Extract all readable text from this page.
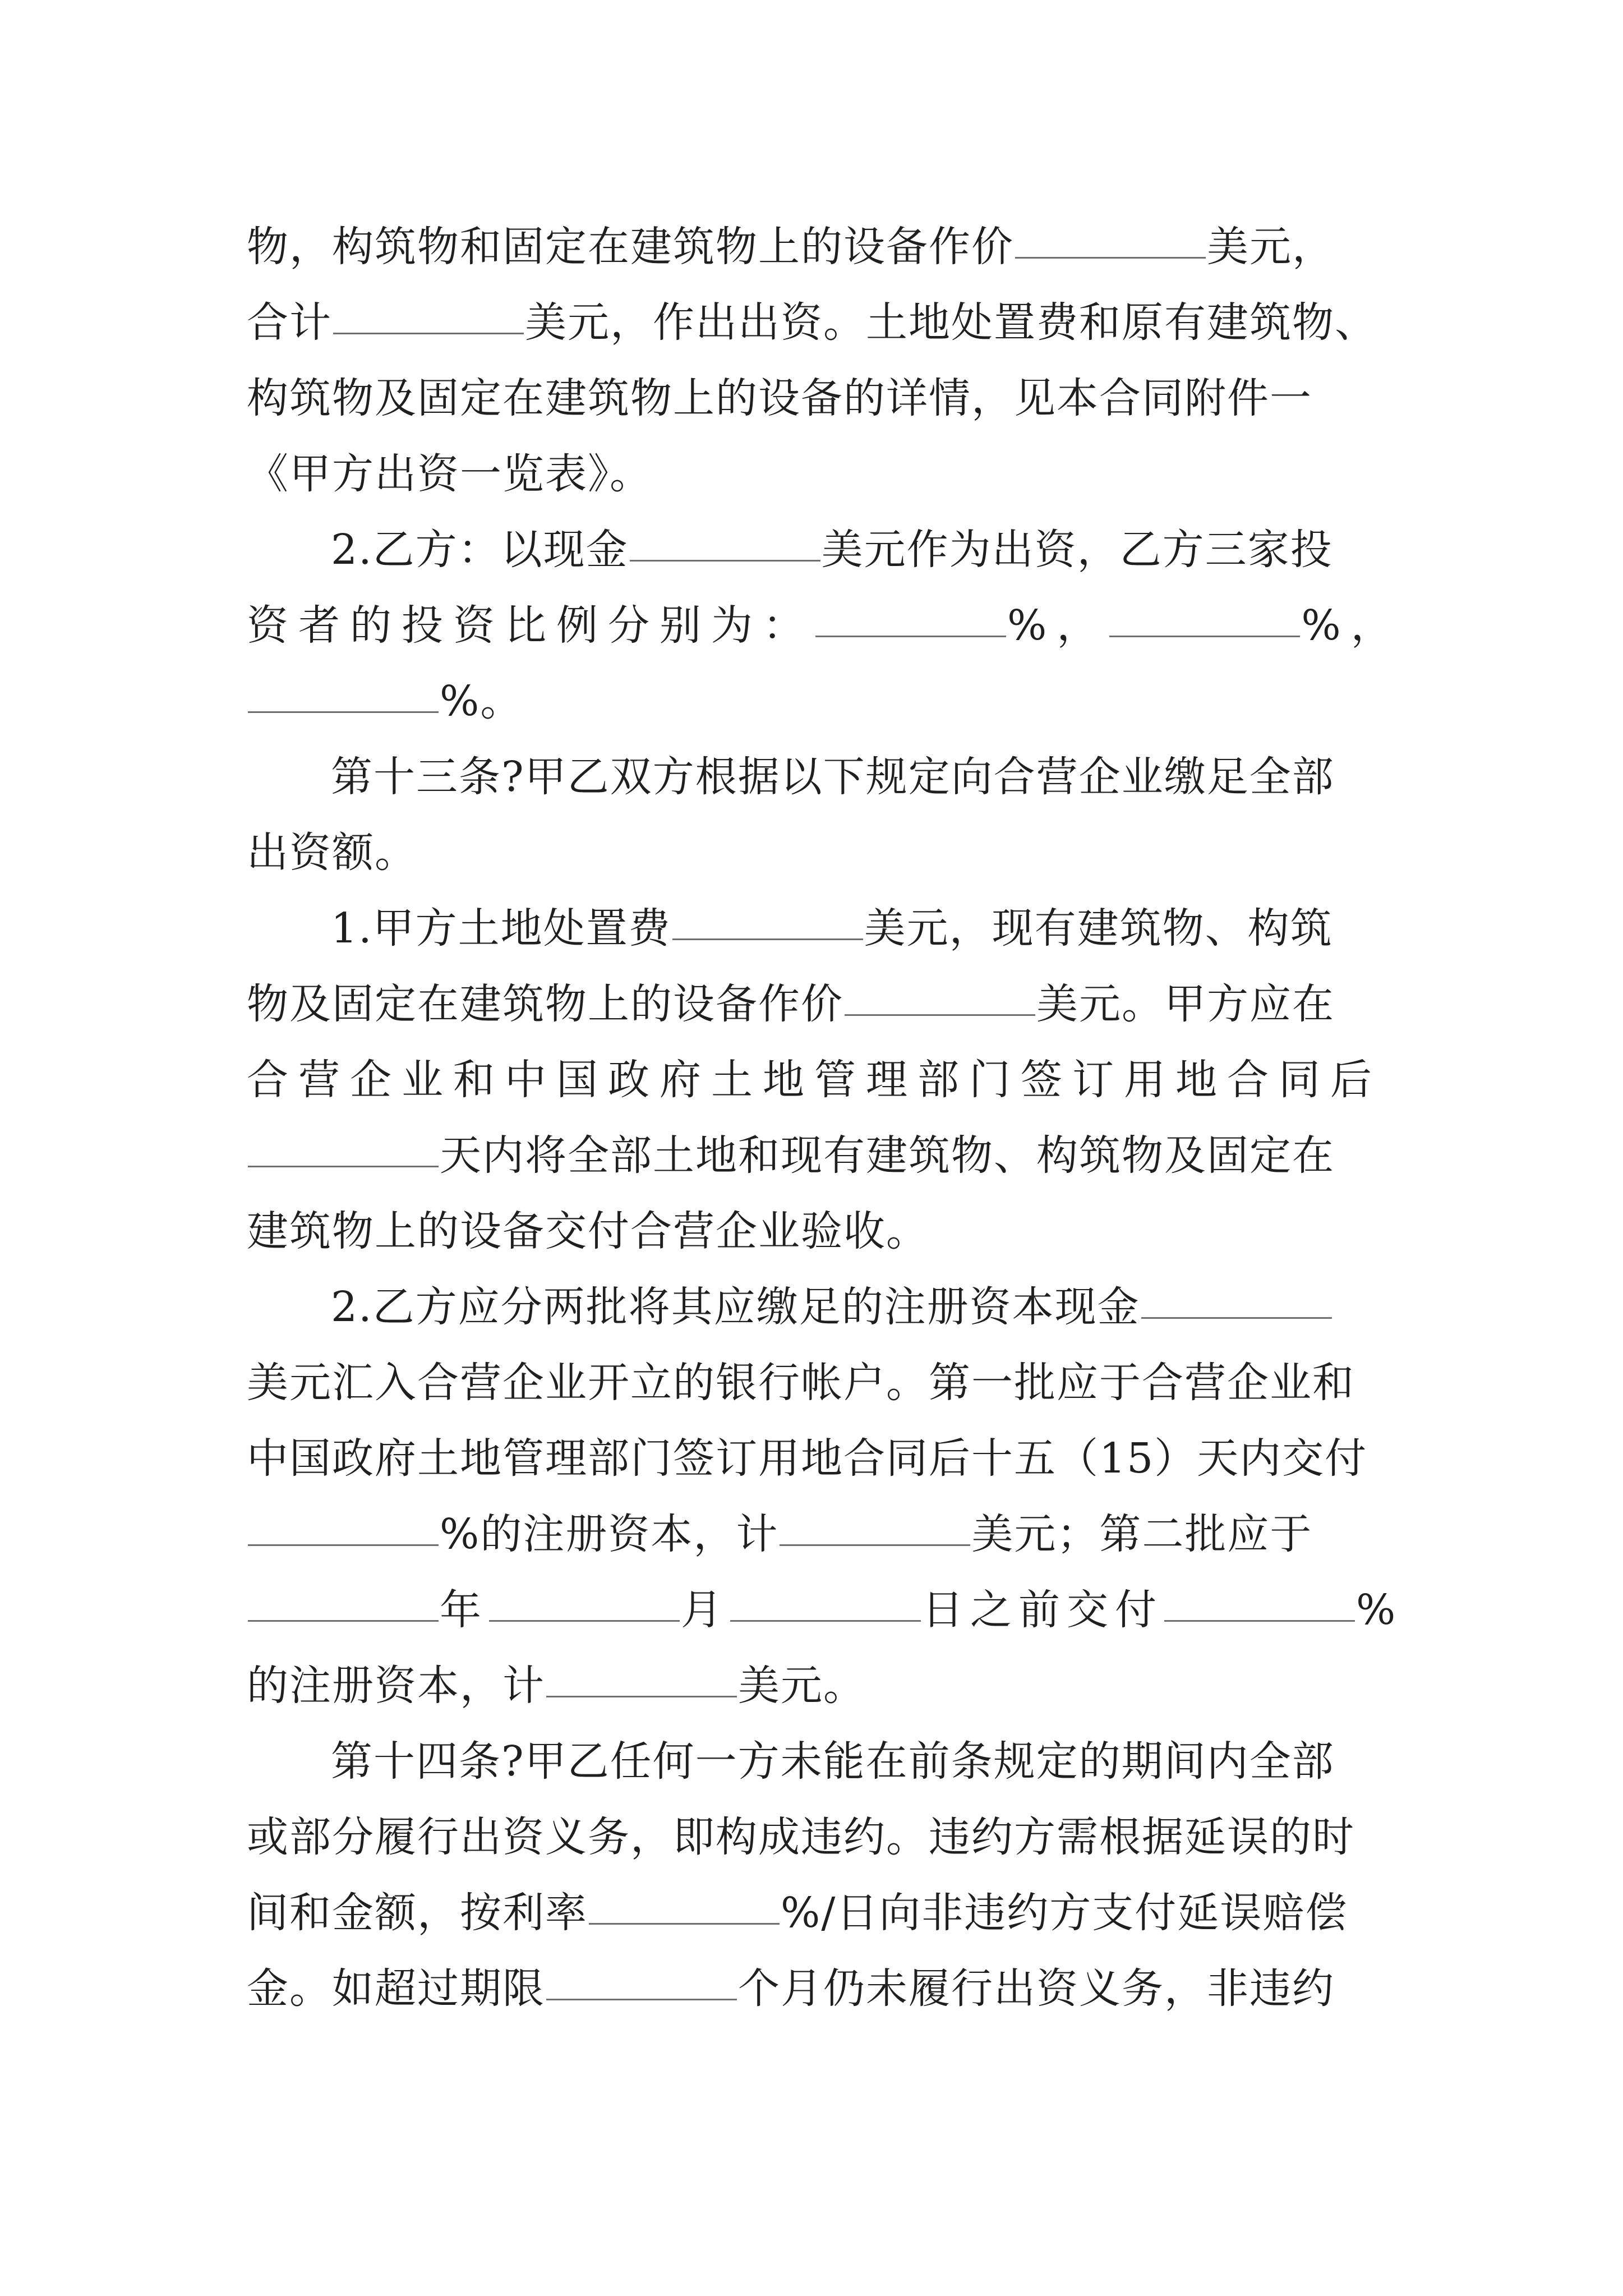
物，构筑物和固定在建筑物上的设备作价	美元，
合计	美元，作出出资。土地处置费和原有建筑物、
构筑物及固定在建筑物上的设备的详情，见本合同附件一
《甲方出资一览表》。
2.乙方：以现金	美元作为出资，乙方三家投
资者的投资比例分别为：	%，	%，
%。
第十三条?甲乙双方根据以下规定向合营企业缴足全部
出资额。
1.甲方土地处置费	美元，现有建筑物、构筑
物及固定在建筑物上的设备作价	美元。甲方应在
合营企业和中国政府土地管理部门签订用地合同后
天内将全部土地和现有建筑物、构筑物及固定在
建筑物上的设备交付合营企业验收。
2.乙方应分两批将其应缴足的注册资本现金
美元汇入合营企业开立的银行帐户。第一批应于合营企业和
中国政府土地管理部门签订用地合同后十五（15）天内交付
%的注册资本，计	美元；第二批应于
年	月	日之前交付	%
的注册资本，计	美元。
第十四条?甲乙任何一方未能在前条规定的期间内全部
或部分履行出资义务，即构成违约。违约方需根据延误的时
间和金额，按利率	%/日向非违约方支付延误赔偿
金。如超过期限	个月仍未履行出资义务，非违约
